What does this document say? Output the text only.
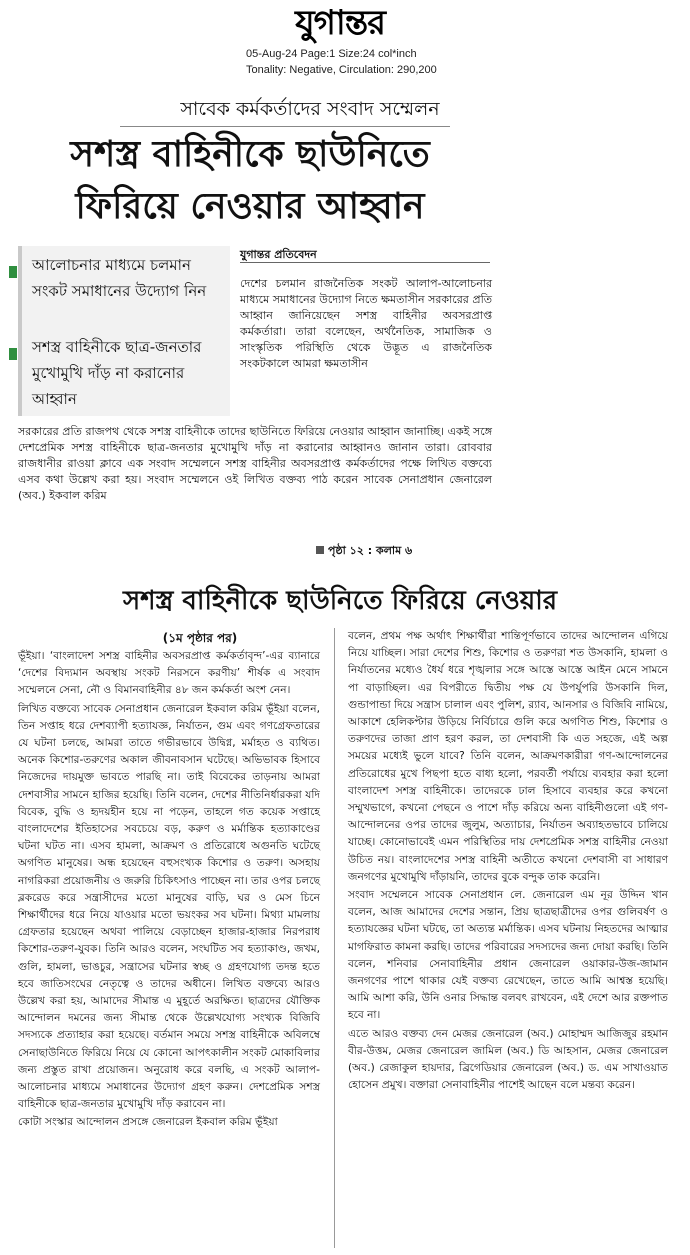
যুগান্তর
05-Aug-24 Page:1 Size:24 col*inch
Tonality: Negative, Circulation: 290,200
সাবেক কর্মকর্তাদের সংবাদ সম্মেলন
সশস্ত্র বাহিনীকে ছাউনিতে
ফিরিয়ে নেওয়ার আহ্বান
আলোচনার মাধ্যমে চলমান সংকট সমাধানের উদ্যোগ নিন
সশস্ত্র বাহিনীকে ছাত্র-জনতার মুখোমুখি দাঁড় না করানোর আহ্বান
যুগান্তর প্রতিবেদন
দেশের চলমান রাজনৈতিক সংকট আলাপ-আলোচনার মাধ্যমে সমাধানের উদ্যোগ নিতে ক্ষমতাসীন সরকারের প্রতি আহ্বান জানিয়েছেন সশস্ত্র বাহিনীর অবসরপ্রাপ্ত কর্মকর্তারা। তারা বলেছেন, অর্থনৈতিক, সামাজিক ও সাংস্কৃতিক পরিস্থিতি থেকে উদ্ভূত এ রাজনৈতিক সংকটকালে আমরা ক্ষমতাসীন
সরকারের প্রতি রাজপথ থেকে সশস্ত্র বাহিনীকে তাদের ছাউনিতে ফিরিয়ে নেওয়ার আহ্বান জানাচ্ছি। একই সঙ্গে দেশপ্রেমিক সশস্ত্র বাহিনীকে ছাত্র-জনতার মুখোমুখি দাঁড় না করানোর আহ্বানও জানান তারা। রোববার রাজধানীর রাওয়া ক্লাবে এক সংবাদ সম্মেলনে সশস্ত্র বাহিনীর অবসরপ্রাপ্ত কর্মকর্তাদের পক্ষে লিখিত বক্তব্যে এসব কথা উল্লেখ করা হয়। সংবাদ সম্মেলনে ওই লিখিত বক্তব্য পাঠ করেন সাবেক সেনাপ্রধান জেনারেল (অব.) ইকবাল করিম
পৃষ্ঠা ১২ : কলাম ৬
সশস্ত্র বাহিনীকে ছাউনিতে ফিরিয়ে নেওয়ার
(১ম পৃষ্ঠার পর)

ভূঁইয়া। ‘বাংলাদেশ সশস্ত্র বাহিনীর অবসরপ্রাপ্ত কর্মকর্তাবৃন্দ’-এর ব্যানারে ‘দেশের বিদ্যমান অবস্থায় সংকট নিরসনে করণীয়’ শীর্ষক এ সংবাদ সম্মেলনে সেনা, নৌ ও বিমানবাহিনীর ৪৮ জন কর্মকর্তা অংশ নেন।

লিখিত বক্তব্যে সাবেক সেনাপ্রধান জেনারেল ইকবাল করিম ভূঁইয়া বলেন, তিন সপ্তাহ ধরে দেশব্যাপী হত্যাযজ্ঞ, নির্যাতন, গুম এবং গণগ্রেফতারের যে ঘটনা চলছে, আমরা তাতে গভীরভাবে উদ্বিগ্ন, মর্মাহত ও ব্যথিত। অনেক কিশোর-তরুণের অকাল জীবনাবসান ঘটেছে। অভিভাবক হিসাবে নিজেদের দায়মুক্ত ভাবতে পারছি না। তাই বিবেকের তাড়নায় আমরা দেশবাসীর সামনে হাজির হয়েছি। তিনি বলেন, দেশের নীতিনির্ধারকরা যদি বিবেক, বুদ্ধি ও হৃদয়হীন হয়ে না পড়েন, তাহলে গত কয়েক সপ্তাহে বাংলাদেশের ইতিহাসের সবচেয়ে বড়, করুণ ও মর্মান্তিক হত্যাকাণ্ডের ঘটনা ঘটত না। এসব হামলা, আক্রমণ ও প্রতিরোধে অগুনতি ঘটেছে অগণিত মানুষের। অন্ধ হয়েছেন বহুসংখ্যক কিশোর ও তরুণ। অসহায় নাগরিকরা প্রয়োজনীয় ও জরুরি চিকিৎসাও পাচ্ছেন না। তার ওপর চলছে ব্লকরেড করে সন্ত্রাসীদের মতো মানুষের বাড়ি, ঘর ও মেস চিনে শিক্ষার্থীদের ধরে নিয়ে যাওয়ার মতো ভয়ংকর সব ঘটনা। মিথ্যা মামলায় গ্রেফতার হয়েছেন অথবা পালিয়ে বেড়াচ্ছেন হাজার-হাজার নিরপরাধ কিশোর-তরুণ-যুবক। তিনি আরও বলেন, সংঘটিত সব হত্যাকাণ্ড, জখম, গুলি, হামলা, ভাঙচুর, সন্ত্রাসের ঘটনার স্বচ্ছ ও গ্রহণযোগ্য তদন্ত হতে হবে জাতিসংঘের নেতৃত্বে ও তাদের অধীনে। লিখিত বক্তব্যে আরও উল্লেখ করা হয়, আমাদের সীমান্ত এ মুহূর্তে অরক্ষিত। ছাত্রদের যৌক্তিক আন্দোলন দমনের জন্য সীমান্ত থেকে উল্লেখযোগ্য সংখ্যক বিজিবি সদস্যকে প্রত্যাহার করা হয়েছে। বর্তমান সময়ে সশস্ত্র বাহিনীকে অবিলম্বে সেনাছাউনিতে ফিরিয়ে নিয়ে যে কোনো আপৎকালীন সংকট মোকাবিলার জন্য প্রস্তুত রাখা প্রয়োজন। অনুরোধ করে বলছি, এ সংকট আলাপ-আলোচনার মাধ্যমে সমাধানের উদ্যোগ গ্রহণ করুন। দেশপ্রেমিক সশস্ত্র বাহিনীকে ছাত্র-জনতার মুখোমুখি দাঁড় করাবেন না।

কোটা সংস্কার আন্দোলন প্রসঙ্গে জেনারেল ইকবাল করিম ভূঁইয়া

বলেন, প্রথম পক্ষ অর্থাৎ শিক্ষার্থীরা শান্তিপূর্ণভাবে তাদের আন্দোলন এগিয়ে নিয়ে যাচ্ছিল। সারা দেশের শিশু, কিশোর ও তরুণরা শত উসকানি, হামলা ও নির্যাতনের মধ্যেও ধৈর্য ধরে শৃঙ্খলার সঙ্গে আস্তে আস্তে আইন মেনে সামনে পা বাড়াচ্ছিল। এর বিপরীতে দ্বিতীয় পক্ষ যে উপর্যুপরি উসকানি দিল, গুন্ডাপান্ডা দিয়ে সন্ত্রাস চালাল এবং পুলিশ, র‌্যাব, আনসার ও বিজিবি নামিয়ে, আকাশে হেলিকপ্টার উড়িয়ে নির্বিচারে গুলি করে অগণিত শিশু, কিশোর ও তরুণদের তাজা প্রাণ হরণ করল, তা দেশবাসী কি এত সহজে, এই অল্প সময়ের মধ্যেই ভুলে যাবে? তিনি বলেন, আক্রমণকারীরা গণ-আন্দোলনের প্রতিরোধের মুখে পিছপা হতে বাধ্য হলো, পরবর্তী পর্যায়ে ব্যবহার করা হলো বাংলাদেশ সশস্ত্র বাহিনীকে। তাদেরকে ঢাল হিসাবে ব্যবহার করে কখনো সম্মুখভাগে, কখনো পেছনে ও পাশে দাঁড় করিয়ে অন্য বাহিনীগুলো এই গণ-আন্দোলনের ওপর তাদের জুলুম, অত্যাচার, নির্যাতন অব্যাহতভাবে চালিয়ে যাচ্ছে। কোনোভাবেই এমন পরিস্থিতির দায় দেশপ্রেমিক সশস্ত্র বাহিনীর নেওয়া উচিত নয়। বাংলাদেশের সশস্ত্র বাহিনী অতীতে কখনো দেশবাসী বা সাধারণ জনগণের মুখোমুখি দাঁড়ায়নি, তাদের বুকে বন্দুক তাক করেনি।

সংবাদ সম্মেলনে সাবেক সেনাপ্রধান লে. জেনারেল এম নূর উদ্দিন খান বলেন, আজ আমাদের দেশের সন্তান, প্রিয় ছাত্রছাত্রীদের ওপর গুলিবর্ষণ ও হত্যাযজ্ঞের ঘটনা ঘটছে, তা অত্যন্ত মর্মান্তিক। এসব ঘটনায় নিহতদের আত্মার মাগফিরাত কামনা করছি। তাদের পরিবারের সদস্যদের জন্য দোয়া করছি। তিনি বলেন, শনিবার সেনাবাহিনীর প্রধান জেনারেল ওয়াকার-উজ-জামান জনগণের পাশে থাকার যেই বক্তব্য রেখেছেন, তাতে আমি আশ্বস্ত হয়েছি। আমি আশা করি, উনি ওনার সিদ্ধান্ত বলবৎ রাখবেন, এই দেশে আর রক্তপাত হবে না।

এতে আরও বক্তব্য দেন মেজর জেনারেল (অব.) মোহাম্মদ আজিজুর রহমান বীর-উত্তম, মেজর জেনারেল জামিল (অব.) ডি আহসান, মেজর জেনারেল (অব.) রেজাকুল হায়দার, ব্রিগেডিয়ার জেনারেল (অব.) ড. এম সাখাওয়াত হোসেন প্রমুখ। বক্তারা সেনাবাহিনীর পাশেই আছেন বলে মন্তব্য করেন।
